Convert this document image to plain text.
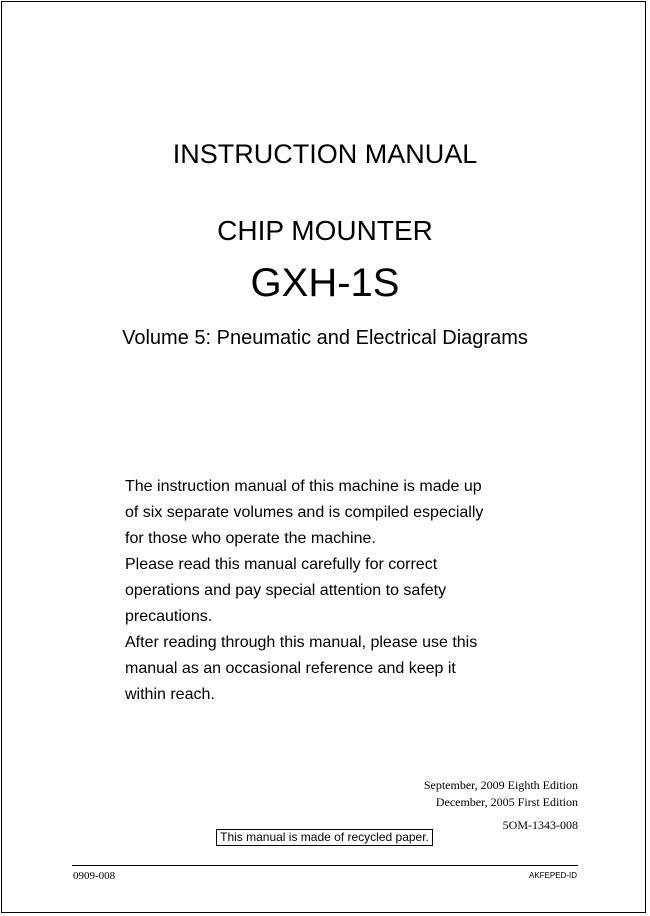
INSTRUCTION MANUAL
CHIP MOUNTER
GXH-1S
Volume 5: Pneumatic and Electrical Diagrams
The instruction manual of this machine is made up
of six separate volumes and is compiled especially
for those who operate the machine.
Please read this manual carefully for correct
operations and pay special attention to safety
precautions.
After reading through this manual, please use this
manual as an occasional reference and keep it
within reach.
September, 2009 Eighth Edition
December, 2005 First Edition
5OM-1343-008
This manual is made of recycled paper.
0909-008	AKFEPED-ID
